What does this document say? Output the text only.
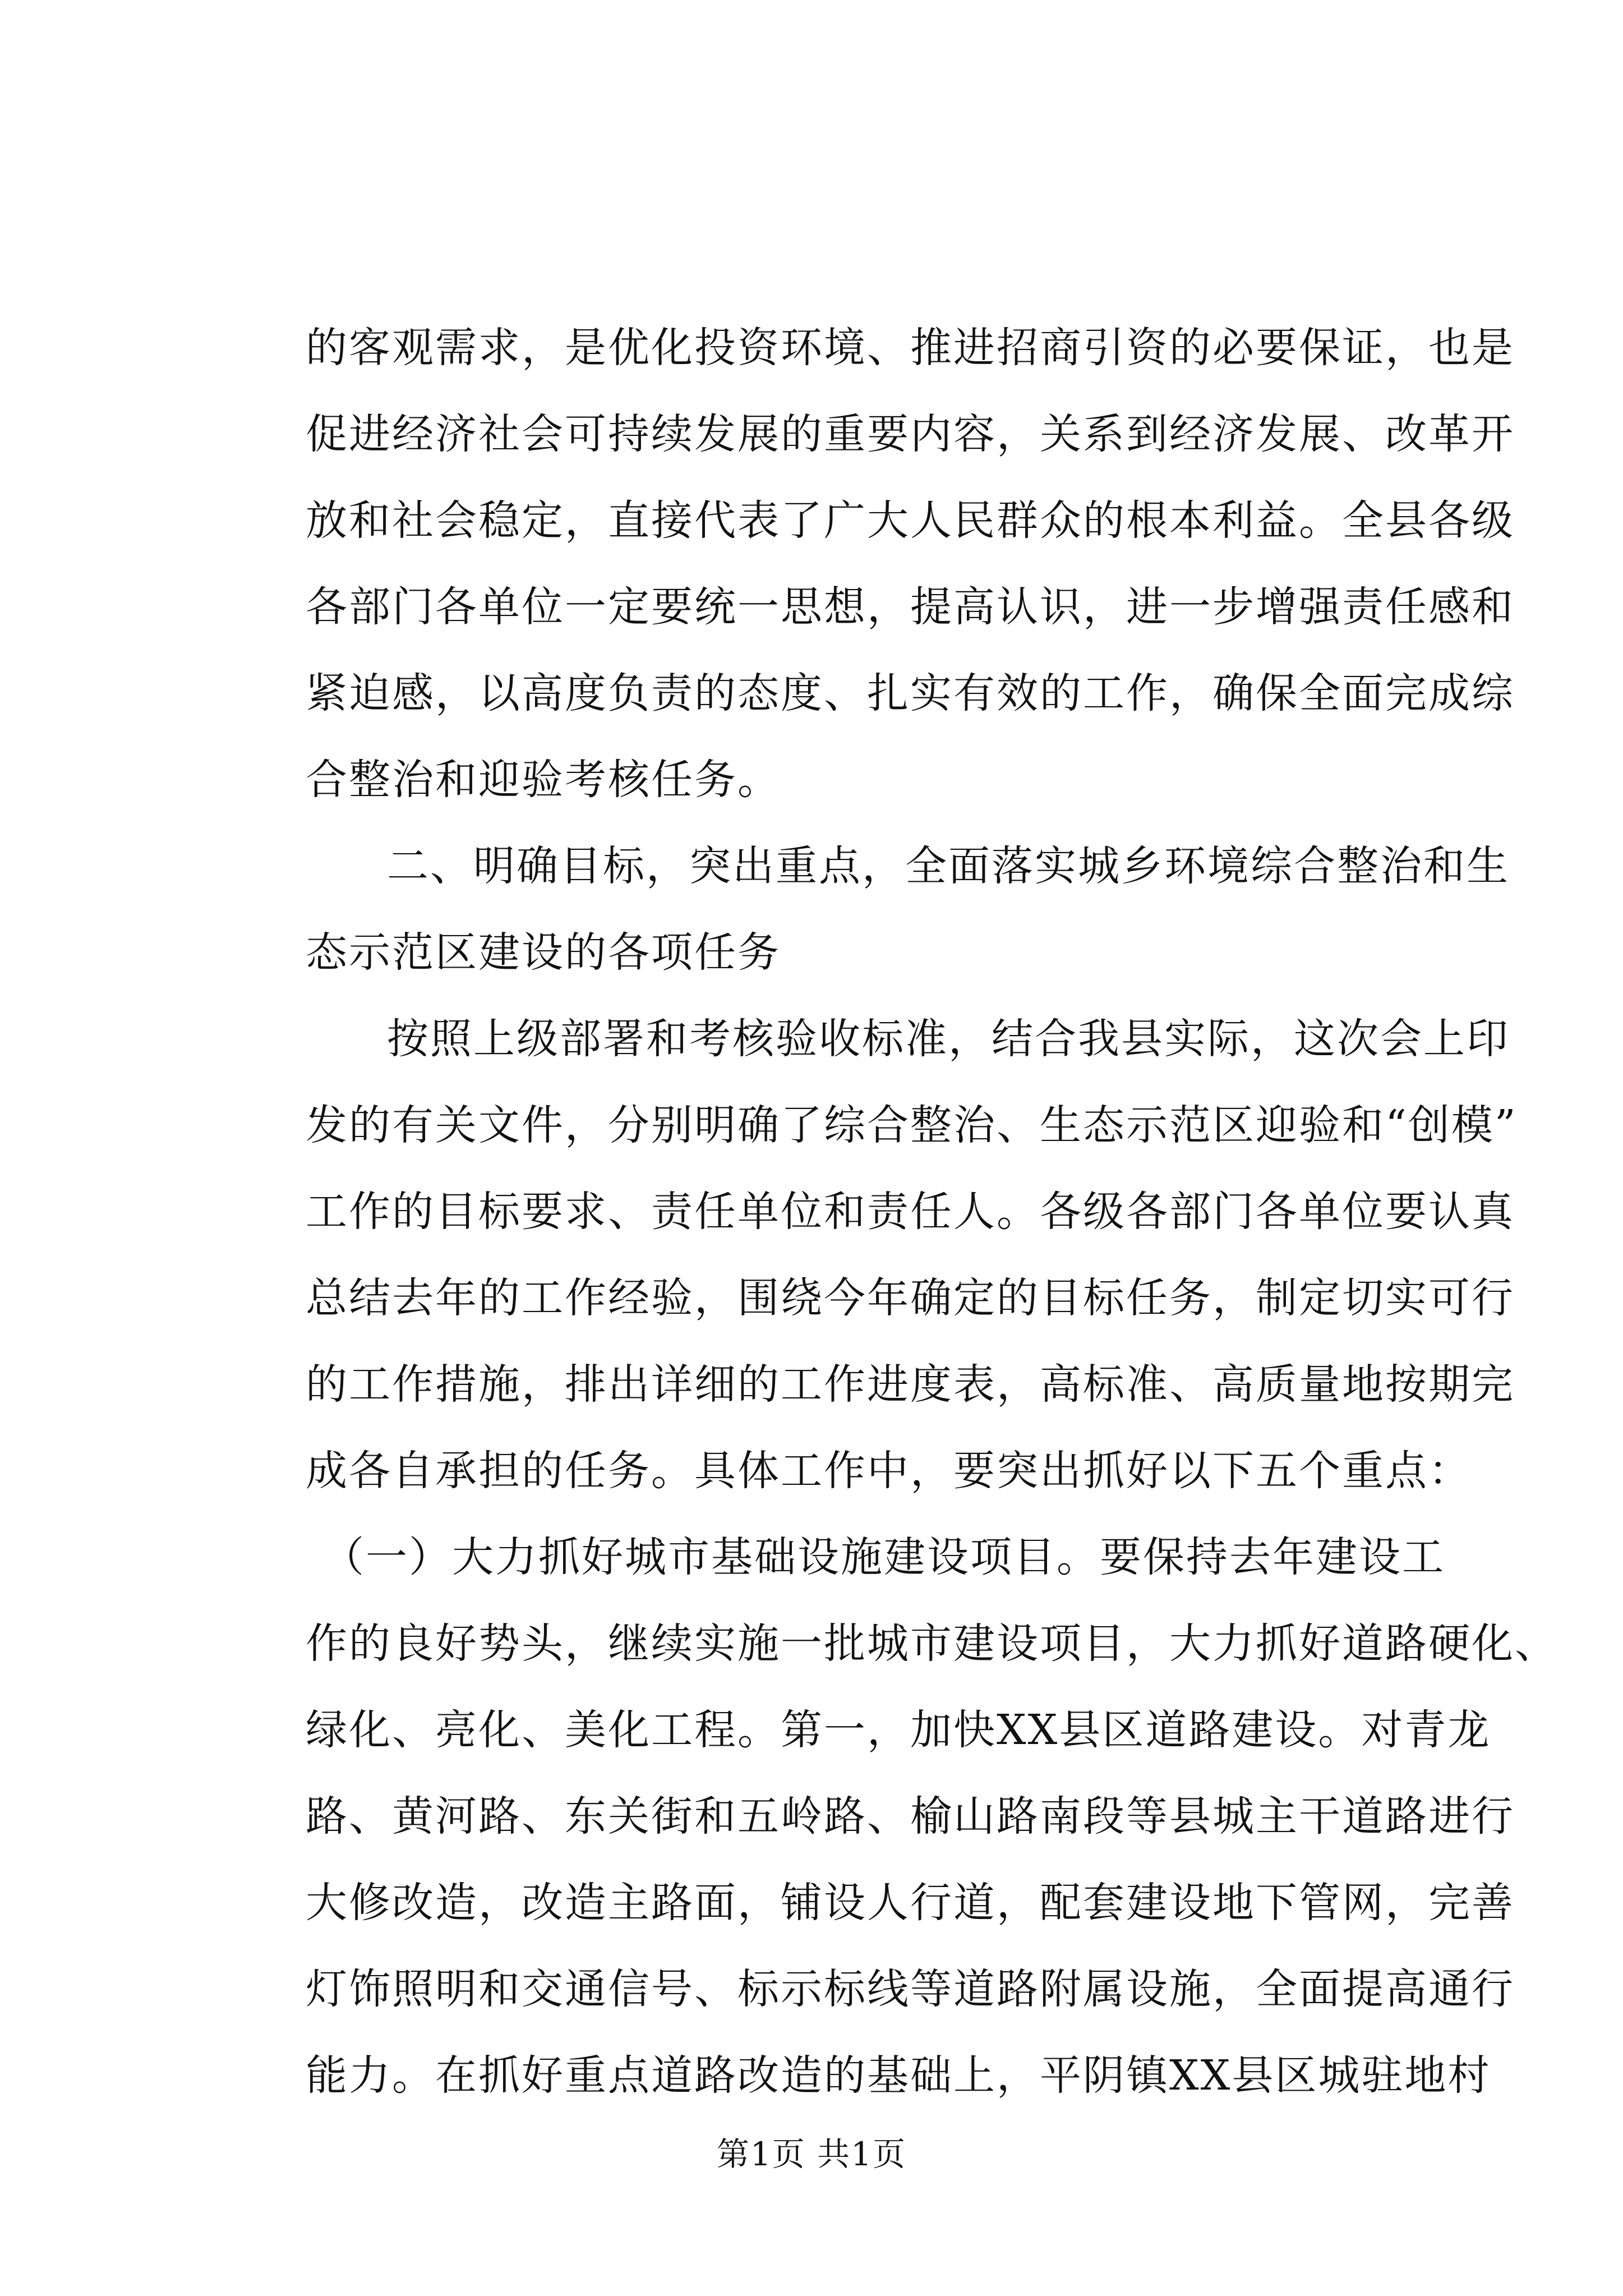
的客观需求，是优化投资环境、推进招商引资的必要保证，也是
促进经济社会可持续发展的重要内容，关系到经济发展、改革开
放和社会稳定，直接代表了广大人民群众的根本利益。全县各级
各部门各单位一定要统一思想，提高认识，进一步增强责任感和
紧迫感，以高度负责的态度、扎实有效的工作，确保全面完成综
合整治和迎验考核任务。
二、明确目标，突出重点，全面落实城乡环境综合整治和生
态示范区建设的各项任务
按照上级部署和考核验收标准，结合我县实际，这次会上印
发的有关文件，分别明确了综合整治、生态示范区迎验和“创模”
工作的目标要求、责任单位和责任人。各级各部门各单位要认真
总结去年的工作经验，围绕今年确定的目标任务，制定切实可行
的工作措施，排出详细的工作进度表，高标准、高质量地按期完
成各自承担的任务。具体工作中，要突出抓好以下五个重点：
（一）大力抓好城市基础设施建设项目。要保持去年建设工
作的良好势头，继续实施一批城市建设项目，大力抓好道路硬化、
绿化、亮化、美化工程。第一，加快XX县区道路建设。对青龙
路、黄河路、东关街和五岭路、榆山路南段等县城主干道路进行
大修改造，改造主路面，铺设人行道，配套建设地下管网，完善
灯饰照明和交通信号、标示标线等道路附属设施，全面提高通行
能力。在抓好重点道路改造的基础上，平阴镇XX县区城驻地村
第1页 共1页
